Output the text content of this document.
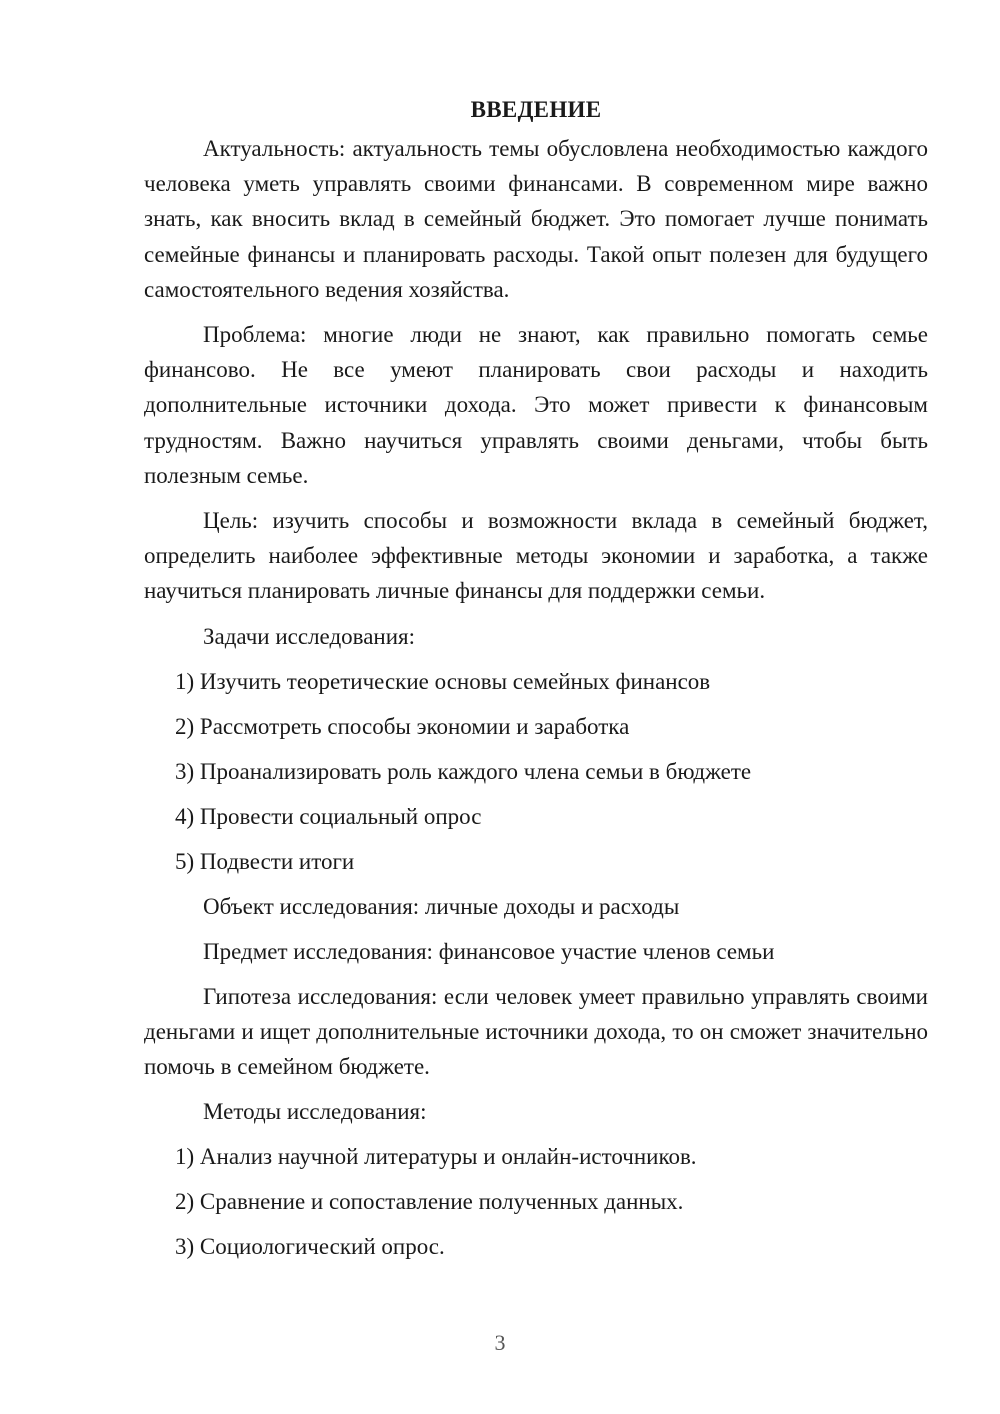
ВВЕДЕНИЕ

Актуальность: актуальность темы обусловлена необходимостью каждого человека уметь управлять своими финансами. В современном мире важно знать, как вносить вклад в семейный бюджет. Это помогает лучше понимать семейные финансы и планировать расходы. Такой опыт полезен для будущего самостоятельного ведения хозяйства.

Проблема: многие люди не знают, как правильно помогать семье финансово. Не все умеют планировать свои расходы и находить дополнительные источники дохода. Это может привести к финансовым трудностям. Важно научиться управлять своими деньгами, чтобы быть полезным семье.

Цель: изучить способы и возможности вклада в семейный бюджет, определить наиболее эффективные методы экономии и заработка, а также научиться планировать личные финансы для поддержки семьи.

Задачи исследования:
1) Изучить теоретические основы семейных финансов
2) Рассмотреть способы экономии и заработка
3) Проанализировать роль каждого члена семьи в бюджете
4) Провести социальный опрос
5) Подвести итоги
Объект исследования: личные доходы и расходы
Предмет исследования: финансовое участие членов семьи

Гипотеза исследования: если человек умеет правильно управлять своими деньгами и ищет дополнительные источники дохода, то он сможет значительно помочь в семейном бюджете.

Методы исследования:
1) Анализ научной литературы и онлайн-источников.
2) Сравнение и сопоставление полученных данных.
3) Социологический опрос.
3
